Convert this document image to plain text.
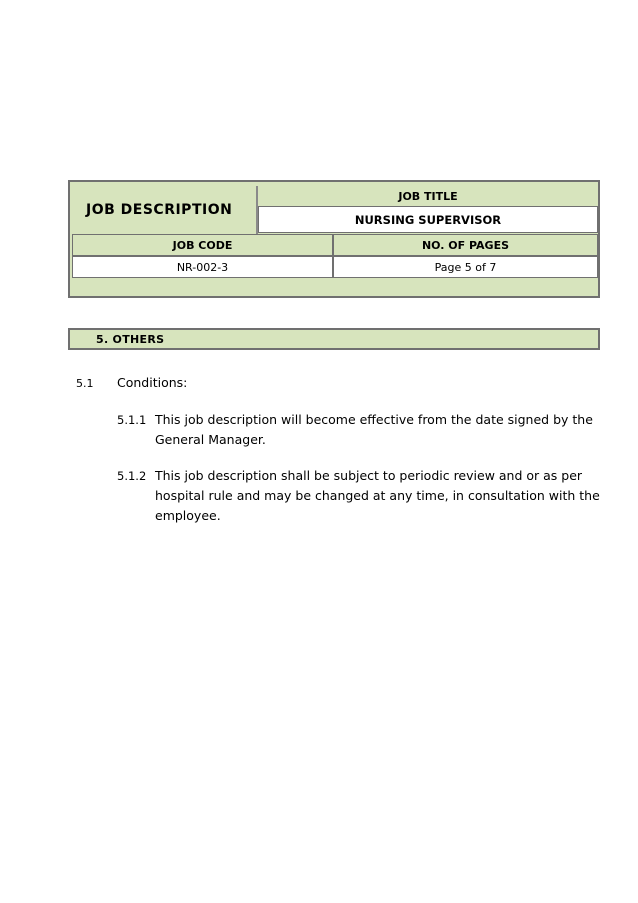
JOB DESCRIPTION
JOB TITLE
NURSING SUPERVISOR
JOB CODE	NO. OF PAGES
NR-002-3	Page 5 of 7
5. OTHERS
5.1 Conditions:
5.1.1 This job description will become effective from the date signed by the General Manager.
5.1.2 This job description shall be subject to periodic review and or as per hospital rule and may be changed at any time, in consultation with the employee.
